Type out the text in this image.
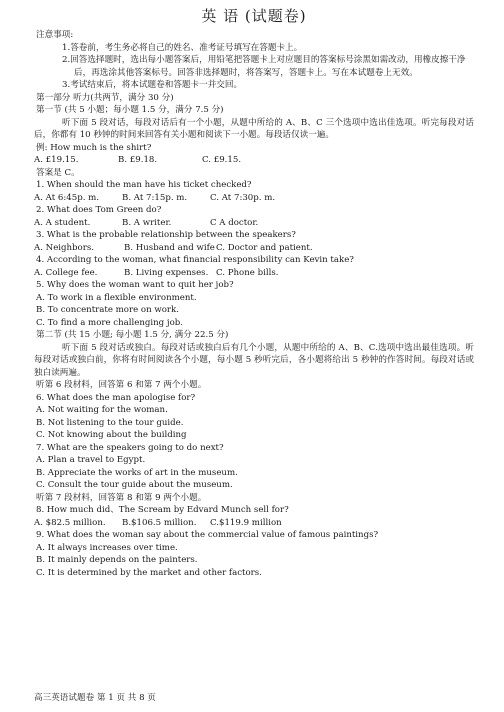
英 语 (试题卷)
注意事项:
1.答卷前，考生务必将自己的姓名、准考证号填写在答题卡上。
2.回答选择题时，选出每小题答案后，用铅笔把答题卡上对应题目的答案标号涂黑如需改动，用橡皮擦干净后，再选涂其他答案标号。回答非选择题时，将答案写，答题卡上。写在本试题卷上无效。
3.考试结束后，将本试题卷和答题卡一并交回。
第一部分 听力(共两节，满分 30 分)
第一节 (共 5 小题；每小题 1.5 分，满分 7.5 分)
听下面 5 段对话，每段对话后有一个小题，从题中所给的 A、B、C 三个选项中选出佳选项。听完每段对话后，你都有 10 秒钟的时间来回答有关小题和阅读下一小题。每段话仅读一遍。
例: How much is the shirt?
A. £19.15.	B. £9.18.	C. £9.15.
答案是 C。
1. When should the man have his ticket checked?
A. At 6:45p. m.	B. At 7:15p. m.	C. At 7:30p. m.
2. What does Tom Green do?
A. A student.	B. A writer.	C A doctor.
3. What is the probable relationship between the speakers?
A. Neighbors.	B. Husband and wife C. Doctor and patient.
4. According to the woman, what financial responsibility can Kevin take?
A. College fee.	B. Living expenses. C. Phone bills.
5. Why does the woman want to quit her job?
A. To work in a flexible environment.
B. To concentrate more on work.
C. To find a more challenging job.
第二节 (共 15 小题; 每小题 1.5 分, 满分 22.5 分)
听下面 5 段对话或独白。每段对话或独白后有几个小题，从题中所给的 A、B、C.选项中选出最佳选项。听每段对话或独白前，你将有时间阅读各个小题，每小题 5 秒听完后，各小题将给出 5 秒钟的作答时间。每段对话或独白读两遍。
听第 6 段材料，回答第 6 和第 7 两个小题。
6. What does the man apologise for?
A. Not waiting for the woman.
B. Not listening to the tour guide.
C. Not knowing about the building
7. What are the speakers going to do next?
A. Plan a travel to Egypt.
B. Appreciate the works of art in the museum.
C. Consult the tour guide about the museum.
听第 7 段材料，回答第 8 和第 9 两个小题。
8. How much did、The Scream by Edvard Munch sell for?
A. $82.5 million.	B.$106.5 million.	C.$119.9 million
9. What does the woman say about the commercial value of famous paintings?
A. It always increases over time.
B. It mainly depends on the painters.
C. It is determined by the market and other factors.
高三英语试题卷 第 1 页 共 8 页
